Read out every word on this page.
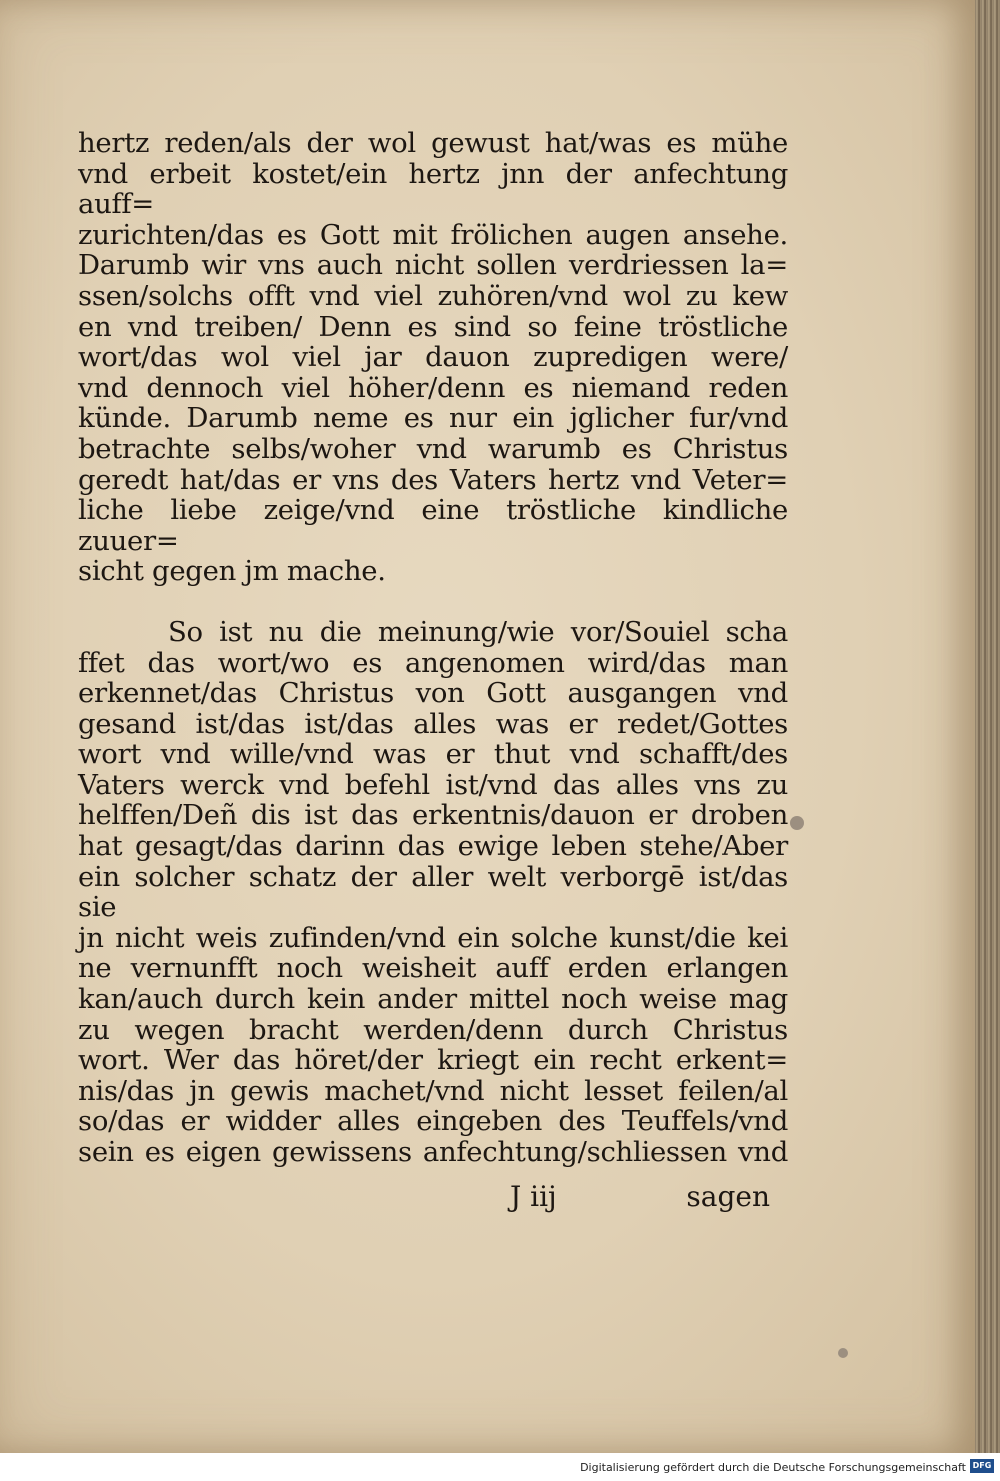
hertz reden/als der wol gewust hat/was es mühe
vnd erbeit kostet/ein hertz jnn der anfechtung auff=
zurichten/das es Gott mit frölichen augen ansehe.
Darumb wir vns auch nicht sollen verdriessen la=
ssen/solchs offt vnd viel zuhören/vnd wol zu kew
en vnd treiben/ Denn es sind so feine tröstliche
wort/das wol viel jar dauon zupredigen were/
vnd dennoch viel höher/denn es niemand reden
künde. Darumb neme es nur ein jglicher fur/vnd
betrachte selbs/woher vnd warumb es Christus
geredt hat/das er vns des Vaters hertz vnd Veter=
liche liebe zeige/vnd eine tröstliche kindliche zuuer=
sicht gegen jm mache.
So ist nu die meinung/wie vor/Souiel scha
ffet das wort/wo es angenomen wird/das man
erkennet/das Christus von Gott ausgangen vnd
gesand ist/das ist/das alles was er redet/Gottes
wort vnd wille/vnd was er thut vnd schafft/des
Vaters werck vnd befehl ist/vnd das alles vns zu
helffen/Deñ dis ist das erkentnis/dauon er droben
hat gesagt/das darinn das ewige leben stehe/Aber
ein solcher schatz der aller welt verborgē ist/das sie
jn nicht weis zufinden/vnd ein solche kunst/die kei
ne vernunfft noch weisheit auff erden erlangen
kan/auch durch kein ander mittel noch weise mag
zu wegen bracht werden/denn durch Christus
wort. Wer das höret/der kriegt ein recht erkent=
nis/das jn gewis machet/vnd nicht lesset feilen/al
so/das er widder alles eingeben des Teuffels/vnd
sein es eigen gewissens anfechtung/schliessen vnd
J iij	sagen
Digitalisierung gefördert durch die Deutsche Forschungsgemeinschaft DFG
